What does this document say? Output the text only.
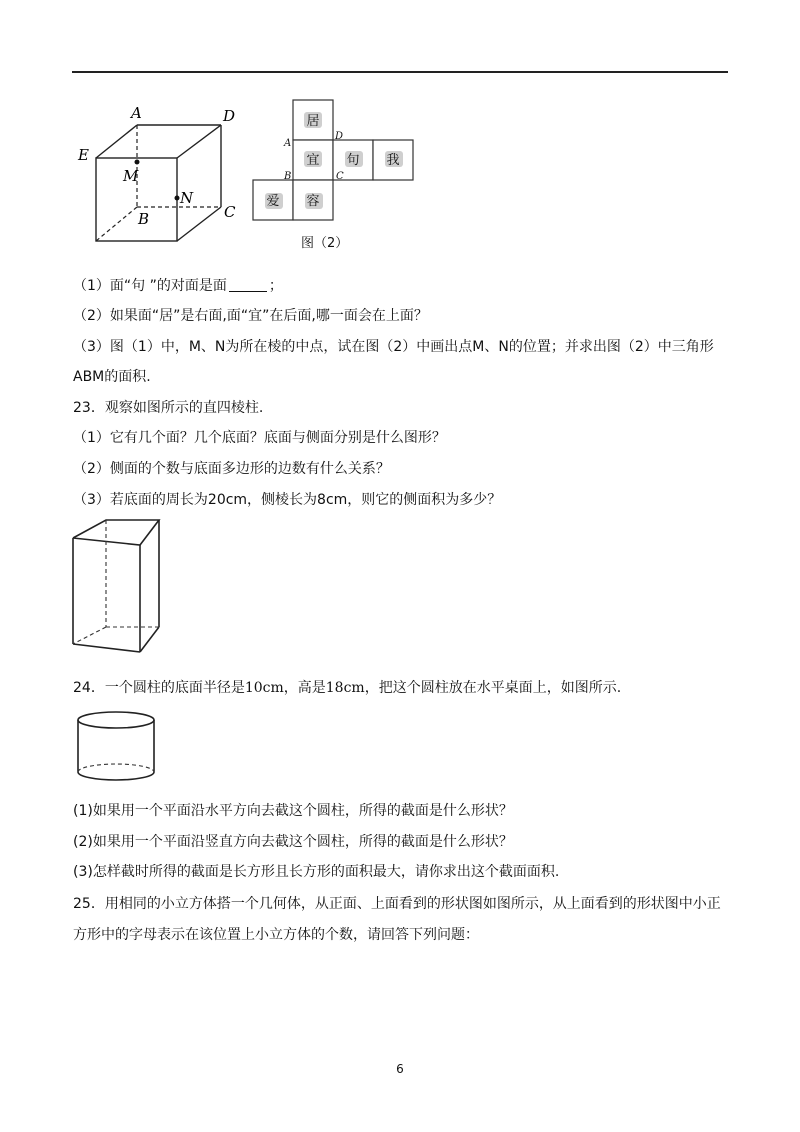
A	D
E
M
N
B	C
居
宜 句 我
爱 容
A
D
B	C
图（2）
（1）面“句 ”的对面是面	；
（2）如果面“居”是右面,面“宜”在后面,哪一面会在上面？
（3）图（1）中，M、N为所在棱的中点，试在图（2）中画出点M、N的位置；并求出图（2）中三角形
ABM的面积.
23．观察如图所示的直四棱柱.
（1）它有几个面？几个底面？底面与侧面分别是什么图形？
（2）侧面的个数与底面多边形的边数有什么关系？
（3）若底面的周长为20cm，侧棱长为8cm，则它的侧面积为多少？
24．一个圆柱的底面半径是10cm，高是18cm，把这个圆柱放在水平桌面上，如图所示.
(1)如果用一个平面沿水平方向去截这个圆柱，所得的截面是什么形状？
(2)如果用一个平面沿竖直方向去截这个圆柱，所得的截面是什么形状？
(3)怎样截时所得的截面是长方形且长方形的面积最大，请你求出这个截面面积.
25．用相同的小立方体搭一个几何体，从正面、上面看到的形状图如图所示，从上面看到的形状图中小正
方形中的字母表示在该位置上小立方体的个数，请回答下列问题：
6
